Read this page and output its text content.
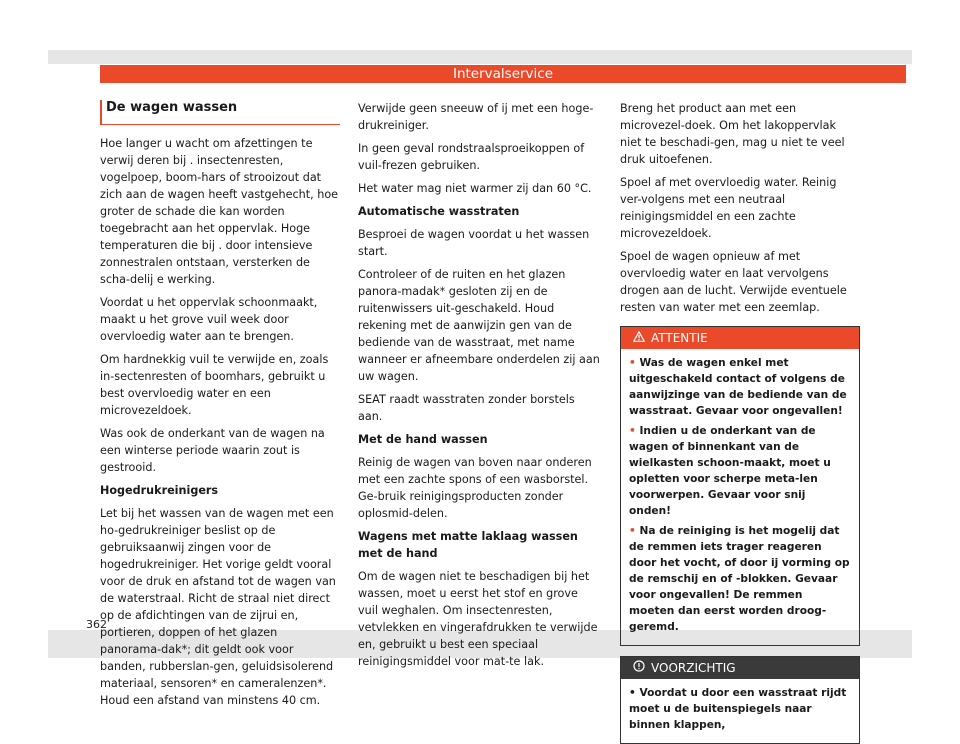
Intervalservice
De wagen wassen

Hoe langer u wacht om afzettingen te verwij deren bij . insectenresten, vogelpoep, boom-hars of strooizout dat zich aan de wagen heeft vastgehecht, hoe groter de schade die kan worden toegebracht aan het oppervlak. Hoge temperaturen die bij . door intensieve zonnestralen ontstaan, versterken de scha-delij e werking.

Voordat u het oppervlak schoonmaakt, maakt u het grove vuil week door overvloedig water aan te brengen.

Om hardnekkig vuil te verwijde en, zoals in-sectenresten of boomhars, gebruikt u best overvloedig water en een microvezeldoek.

Was ook de onderkant van de wagen na een winterse periode waarin zout is gestrooid.

Hogedrukreinigers

Let bij het wassen van de wagen met een ho-gedrukreiniger beslist op de gebruiksaanwij zingen voor de hogedrukreiniger. Het vorige geldt vooral voor de druk en afstand tot de wagen van de waterstraal. Richt de straal niet direct op de afdichtingen van de zijrui en, portieren, doppen of het glazen panorama-dak*; dit geldt ook voor banden, rubberslan-gen, geluidsisolerend materiaal, sensoren* en cameralenzen*. Houd een afstand van minstens 40 cm.

Verwijde geen sneeuw of ij met een hoge-drukreiniger.

In geen geval rondstraalsproeikoppen of vuil-frezen gebruiken.

Het water mag niet warmer zij dan 60 °C.

Automatische wasstraten

Besproei de wagen voordat u het wassen start.

Controleer of de ruiten en het glazen panora-madak* gesloten zij en de ruitenwissers uit-geschakeld. Houd rekening met de aanwijzin gen van de bediende van de wasstraat, met name wanneer er afneembare onderdelen zij aan uw wagen.

SEAT raadt wasstraten zonder borstels aan.

Met de hand wassen

Reinig de wagen van boven naar onderen met een zachte spons of een wasborstel. Ge-bruik reinigingsproducten zonder oplosmid-delen.

Wagens met matte laklaag wassen met de hand

Om de wagen niet te beschadigen bij het wassen, moet u eerst het stof en grove vuil weghalen. Om insectenresten, vetvlekken en vingerafdrukken te verwijde en, gebruikt u best een speciaal reinigingsmiddel voor mat-te lak.

Breng het product aan met een microvezel-doek. Om het lakoppervlak niet te beschadi-gen, mag u niet te veel druk uitoefenen.

Spoel af met overvloedig water. Reinig ver-volgens met een neutraal reinigingsmiddel en een zachte microvezeldoek.

Spoel de wagen opnieuw af met overvloedig water en laat vervolgens drogen aan de lucht. Verwijde eventuele resten van water met een zeemlap.

ATTENTIE

• Was de wagen enkel met uitgeschakeld contact of volgens de aanwijzinge van de bediende van de wasstraat. Gevaar voor ongevallen!

• Indien u de onderkant van de wagen of binnenkant van de wielkasten schoon-maakt, moet u opletten voor scherpe meta-len voorwerpen. Gevaar voor snij onden!

• Na de reiniging is het mogelij dat de remmen iets trager reageren door het vocht, of door ij vorming op de remschij en of -blokken. Gevaar voor ongevallen! De remmen moeten dan eerst worden droog-geremd.

VOORZICHTIG

• Voordat u door een wasstraat rijdt moet u de buitenspiegels naar binnen klappen,

362
